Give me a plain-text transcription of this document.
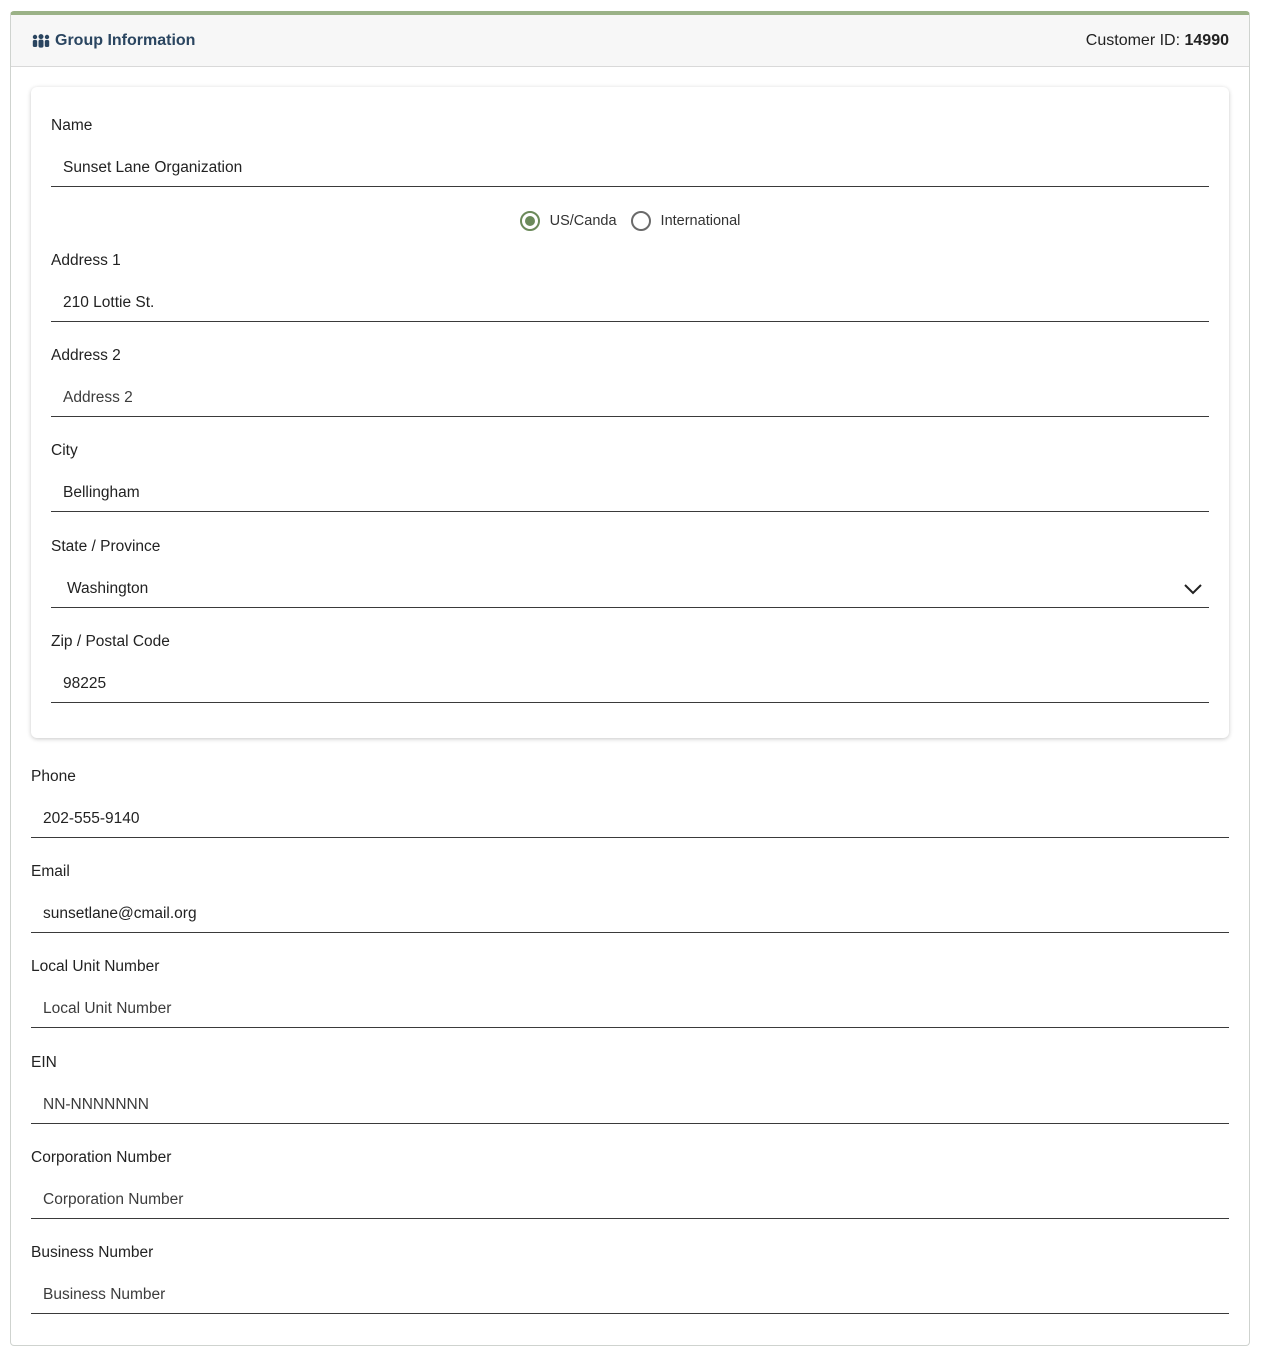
Group Information	Customer ID: 14990
Name
Sunset Lane Organization
US/Canda	International
Address 1
210 Lottie St.
Address 2
Address 2
City
Bellingham
State / Province
Washington
Zip / Postal Code
98225
Phone
202-555-9140
Email
sunsetlane@cmail.org
Local Unit Number
Local Unit Number
EIN
NN-NNNNNNN
Corporation Number
Corporation Number
Business Number
Business Number
